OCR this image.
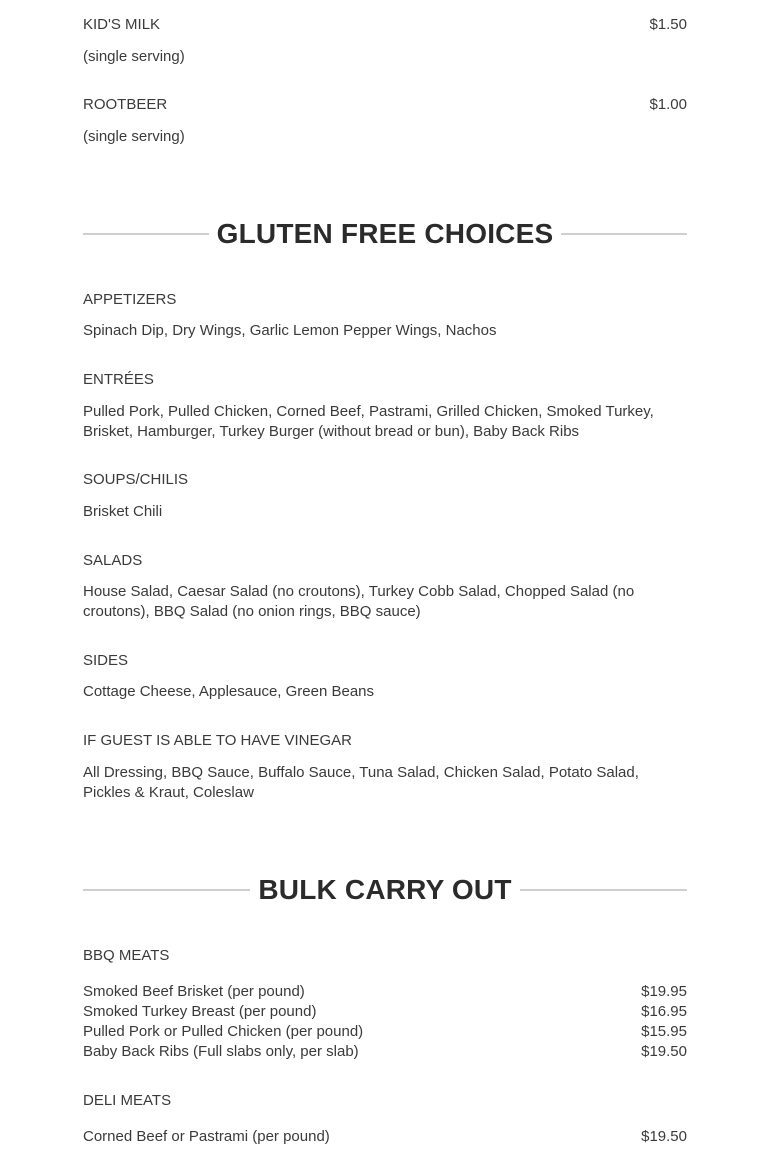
KID'S MILK	$1.50
(single serving)
ROOTBEER	$1.00
(single serving)
GLUTEN FREE CHOICES
APPETIZERS
Spinach Dip, Dry Wings, Garlic Lemon Pepper Wings, Nachos
ENTRÉES
Pulled Pork, Pulled Chicken, Corned Beef, Pastrami, Grilled Chicken, Smoked Turkey, Brisket, Hamburger, Turkey Burger (without bread or bun), Baby Back Ribs
SOUPS/CHILIS
Brisket Chili
SALADS
House Salad, Caesar Salad (no croutons), Turkey Cobb Salad, Chopped Salad (no croutons), BBQ Salad (no onion rings, BBQ sauce)
SIDES
Cottage Cheese, Applesauce, Green Beans
IF GUEST IS ABLE TO HAVE VINEGAR
All Dressing, BBQ Sauce, Buffalo Sauce, Tuna Salad, Chicken Salad, Potato Salad, Pickles & Kraut, Coleslaw
BULK CARRY OUT
BBQ MEATS
Smoked Beef Brisket (per pound)	$19.95
Smoked Turkey Breast (per pound)	$16.95
Pulled Pork or Pulled Chicken (per pound)	$15.95
Baby Back Ribs (Full slabs only, per slab)	$19.50
DELI MEATS
Corned Beef or Pastrami (per pound)	$19.50
